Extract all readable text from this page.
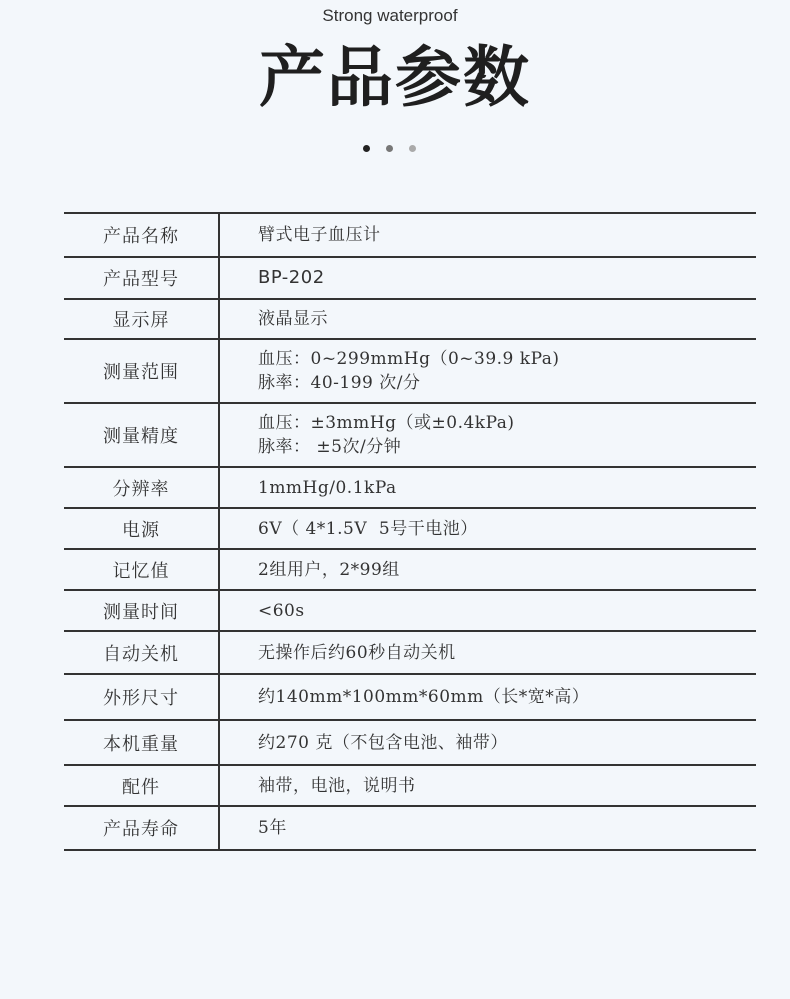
Strong waterproof
产品参数
产品名称	臂式电子血压计

产品型号	BP-202

显示屏	液晶显示

测量范围	血压：0~299mmHg（0~39.9 kPa)
脉率：40-199 次/分

测量精度	血压：±3mmHg（或±0.4kPa)
脉率： ±5次/分钟

分辨率	1mmHg/0.1kPa

电源	6V（ 4*1.5V  5号干电池）

记忆值	2组用户，2*99组

测量时间	<60s

自动关机	无操作后约60秒自动关机

外形尺寸	约140mm*100mm*60mm（长*宽*高）

本机重量	约270 克（不包含电池、袖带）

配件	袖带，电池，说明书

产品寿命	5年
